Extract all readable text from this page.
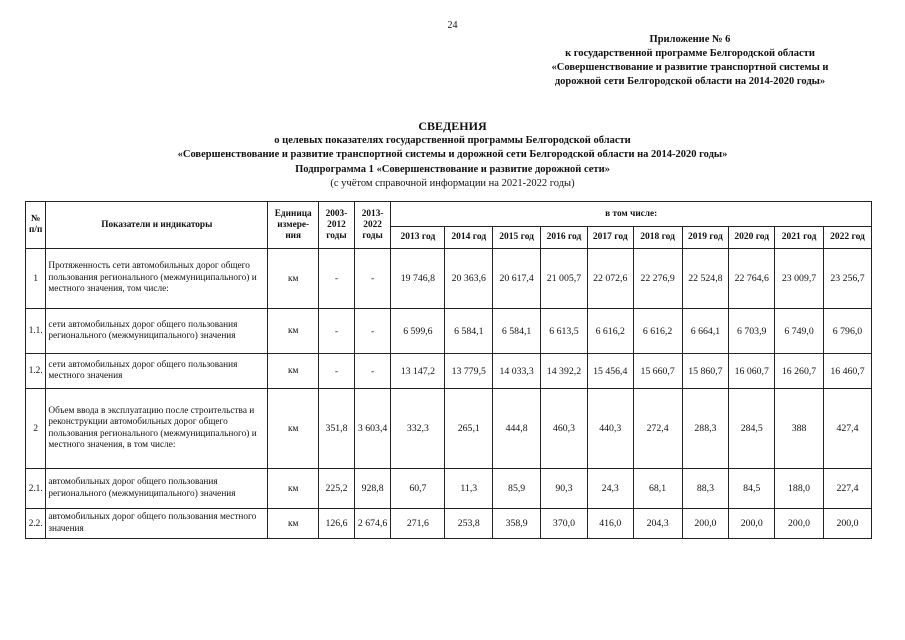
24
Приложение № 6
к государственной программе Белгородской области
«Совершенствование и развитие транспортной системы и
дорожной сети Белгородской области на 2014-2020 годы»
СВЕДЕНИЯ
о целевых показателях государственной программы Белгородской области
«Совершенствование и развитие транспортной системы и дорожной сети Белгородской области на 2014-2020 годы»
Подпрограмма 1 «Совершенствование и развитие дорожной сети»
(с учётом справочной информации на 2021-2022 годы)
№ п/п	Показатели и индикаторы	Единица измере-ния	2003-2012 годы	2013-2022 годы	в том числе:									
					2013 год	2014 год	2015 год	2016 год	2017 год	2018 год	2019 год	2020 год	2021 год	2022 год
1	Протяженность сети автомобильных дорог общего пользования регионального (межмуниципального) и местного значения, том числе:	км	-	-	19 746,8	20 363,6	20 617,4	21 005,7	22 072,6	22 276,9	22 524,8	22 764,6	23 009,7	23 256,7
1.1.	сети автомобильных дорог общего пользования регионального (межмуниципального) значения	км	-	-	6 599,6	6 584,1	6 584,1	6 613,5	6 616,2	6 616,2	6 664,1	6 703,9	6 749,0	6 796,0
1.2.	сети автомобильных дорог общего пользования местного значения	км	-	-	13 147,2	13 779,5	14 033,3	14 392,2	15 456,4	15 660,7	15 860,7	16 060,7	16 260,7	16 460,7
2	Объем ввода в эксплуатацию после строительства и реконструкции автомобильных дорог общего пользования регионального (межмуниципального) и местного значения, в том числе:	км	351,8	3 603,4	332,3	265,1	444,8	460,3	440,3	272,4	288,3	284,5	388	427,4
2.1.	автомобильных дорог общего пользования регионального (межмуниципального) значения	км	225,2	928,8	60,7	11,3	85,9	90,3	24,3	68,1	88,3	84,5	188,0	227,4
2.2.	автомобильных дорог общего пользования местного значения	км	126,6	2 674,6	271,6	253,8	358,9	370,0	416,0	204,3	200,0	200,0	200,0	200,0
